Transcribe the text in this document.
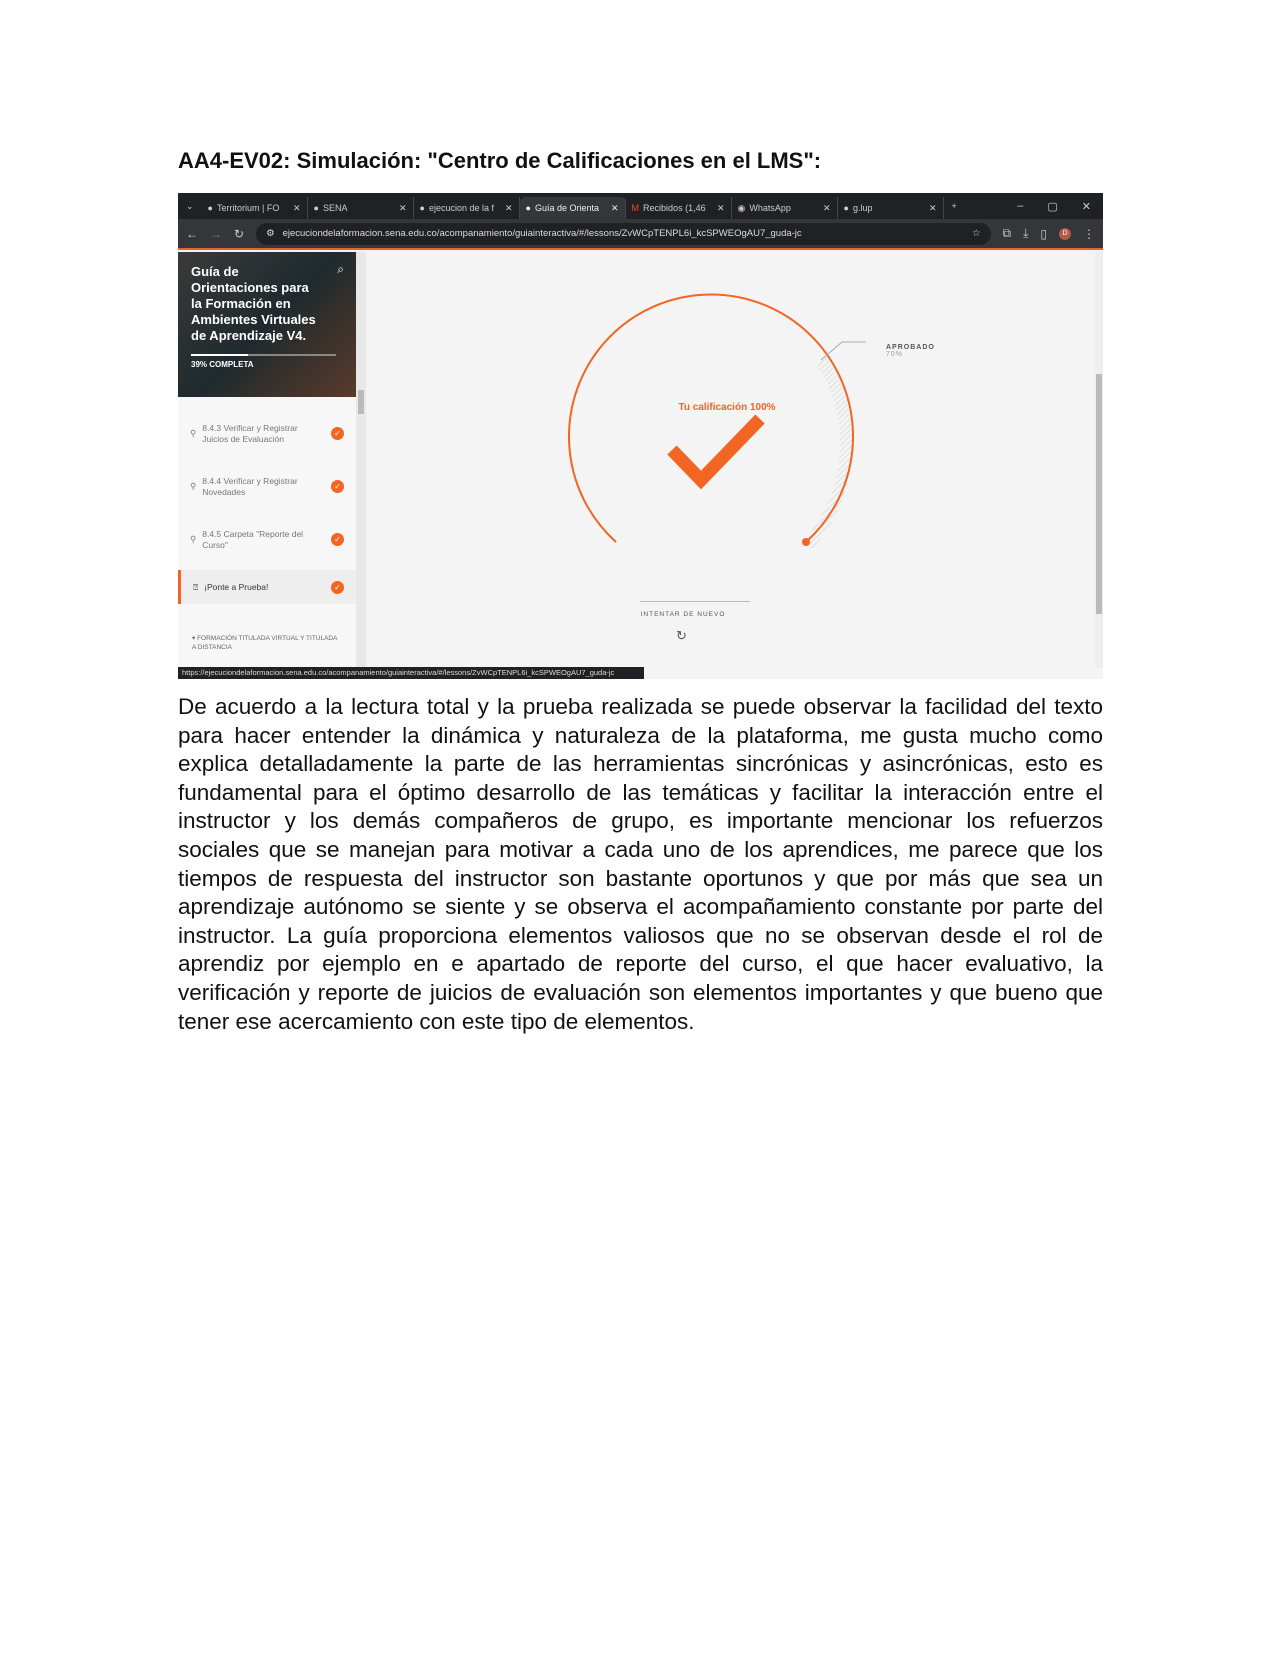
AA4-EV02: Simulación: "Centro de Calificaciones en el LMS":
⌄	● Territorium | FO	✕ ● SENA	✕ ● ejecucion de la f	✕ ● Guía de Orienta	✕ M Recibidos (1,46	✕ ◉ WhatsApp	✕ ● g.lup	✕	+	– ▢ ✕
← → ↻ ⚙ ejecuciondelaformacion.sena.edu.co/acompanamiento/guiainteractiva/#/lessons/ZvWCpTENPL6i_kcSPWEOgAU7_guda-jc	☆ ⧉ ⤓ ▯	D ⋮
Guía de Orientaciones para la Formación en Ambientes Virtuales de Aprendizaje V4.
⌕
39% COMPLETA
⚲
8.4.3 Verificar y Registrar Juicios de Evaluación	✓
⚲
8.4.4 Verificar y Registrar Novedades	✓
⚲
8.4.5 Carpeta "Reporte del Curso"	✓
⍰ ¡Ponte a Prueba!	✓
▾ FORMACIÓN TITULADA VIRTUAL Y TITULADA A DISTANCIA
Tu calificación 100%
APROBADO
70%
INTENTAR DE NUEVO
↻
https://ejecuciondelaformacion.sena.edu.co/acompanamiento/guiainteractiva/#/lessons/ZvWCpTENPL6i_kcSPWEOgAU7_guda-jc

De acuerdo a la lectura total y la prueba realizada se puede observar la facilidad del texto para hacer entender la dinámica y naturaleza de la plataforma, me gusta mucho como explica detalladamente la parte de las herramientas sincrónicas y asincrónicas, esto es fundamental para el óptimo desarrollo de las temáticas y facilitar la interacción entre el instructor y los demás compañeros de grupo, es importante mencionar los refuerzos sociales que se manejan para motivar a cada uno de los aprendices, me parece que los tiempos de respuesta del instructor son bastante oportunos y que por más que sea un aprendizaje autónomo se siente y se observa el acompañamiento constante por parte del instructor. La guía proporciona elementos valiosos que no se observan desde el rol de aprendiz por ejemplo en e apartado de reporte del curso, el que hacer evaluativo, la verificación y reporte de juicios de evaluación son elementos importantes y que bueno que tener ese acercamiento con este tipo de elementos.
